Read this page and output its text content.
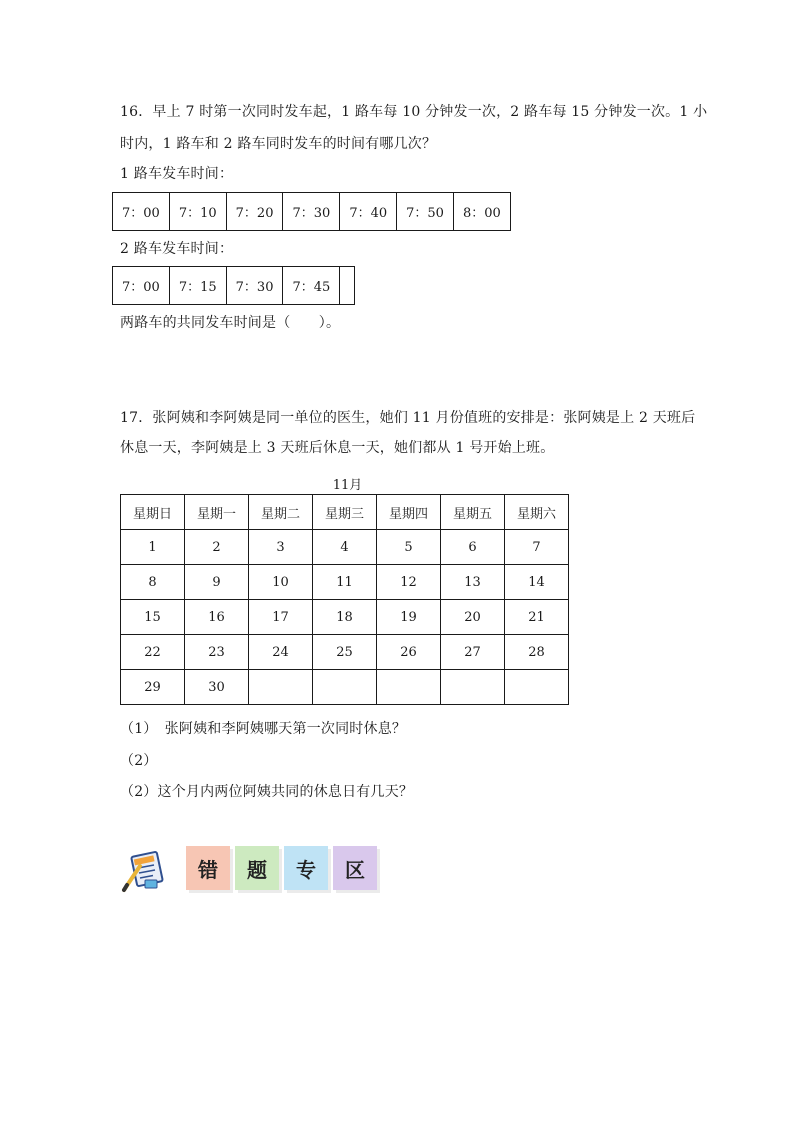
16．早上 7 时第一次同时发车起，1 路车每 10 分钟发一次，2 路车每 15 分钟发一次。1 小
时内，1 路车和 2 路车同时发车的时间有哪几次？
1 路车发车时间：
7：00	7：10	7：20	7：30	7：40	7：50	8：00
2 路车发车时间：
7：00	7：15	7：30	7：45	
两路车的共同发车时间是（　　）。
17．张阿姨和李阿姨是同一单位的医生，她们 11 月份值班的安排是：张阿姨是上 2 天班后
休息一天，李阿姨是上 3 天班后休息一天，她们都从 1 号开始上班。
11月
星期日	星期一	星期二	星期三	星期四	星期五	星期六
1	2	3	4	5	6	7
8	9	10	11	12	13	14
15	16	17	18	19	20	21
22	23	24	25	26	27	28
29	30					
（1）　张阿姨和李阿姨哪天第一次同时休息？
（2）
（2）这个月内两位阿姨共同的休息日有几天？
错	题	专	区
